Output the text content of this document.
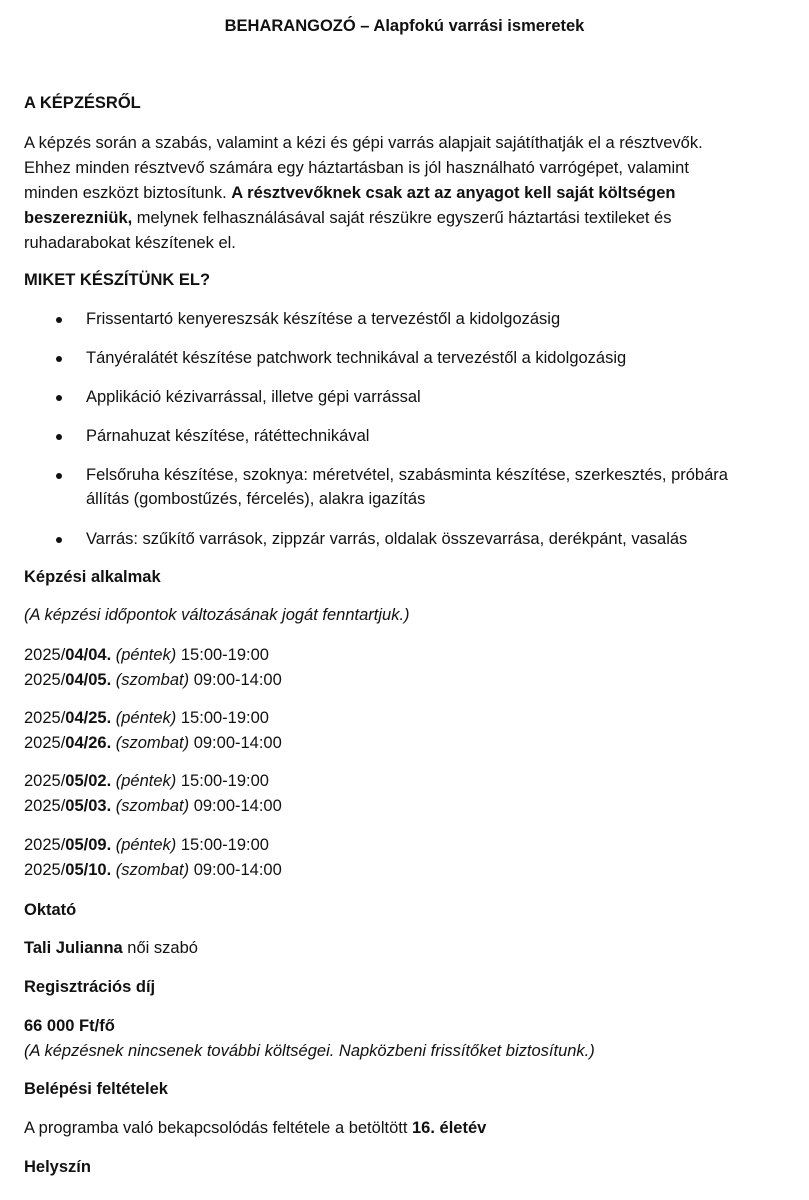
BEHARANGOZÓ – Alapfokú varrási ismeretek
A KÉPZÉSRŐL
A képzés során a szabás, valamint a kézi és gépi varrás alapjait sajátíthatják el a résztvevők.
Ehhez minden résztvevő számára egy háztartásban is jól használható varrógépet, valamint
minden eszközt biztosítunk. A résztvevőknek csak azt az anyagot kell saját költségen
beszerezniük, melynek felhasználásával saját részükre egyszerű háztartási textileket és
ruhadarabokat készítenek el.
MIKET KÉSZÍTÜNK EL?
Frissentartó kenyereszsák készítése a tervezéstől a kidolgozásig
Tányéralátét készítése patchwork technikával a tervezéstől a kidolgozásig
Applikáció kézivarrással, illetve gépi varrással
Párnahuzat készítése, rátéttechnikával
Felsőruha készítése, szoknya: méretvétel, szabásminta készítése, szerkesztés, próbára
állítás (gombostűzés, fércelés), alakra igazítás
Varrás: szűkítő varrások, zippzár varrás, oldalak összevarrása, derékpánt, vasalás
Képzési alkalmak
(A képzési időpontok változásának jogát fenntartjuk.)
2025/04/04. (péntek) 15:00-19:00
2025/04/05. (szombat) 09:00-14:00
2025/04/25. (péntek) 15:00-19:00
2025/04/26. (szombat) 09:00-14:00
2025/05/02. (péntek) 15:00-19:00
2025/05/03. (szombat) 09:00-14:00
2025/05/09. (péntek) 15:00-19:00
2025/05/10. (szombat) 09:00-14:00
Oktató
Tali Julianna női szabó
Regisztrációs díj
66 000 Ft/fő
(A képzésnek nincsenek további költségei. Napközbeni frissítőket biztosítunk.)
Belépési feltételek
A programba való bekapcsolódás feltétele a betöltött 16. életév
Helyszín
